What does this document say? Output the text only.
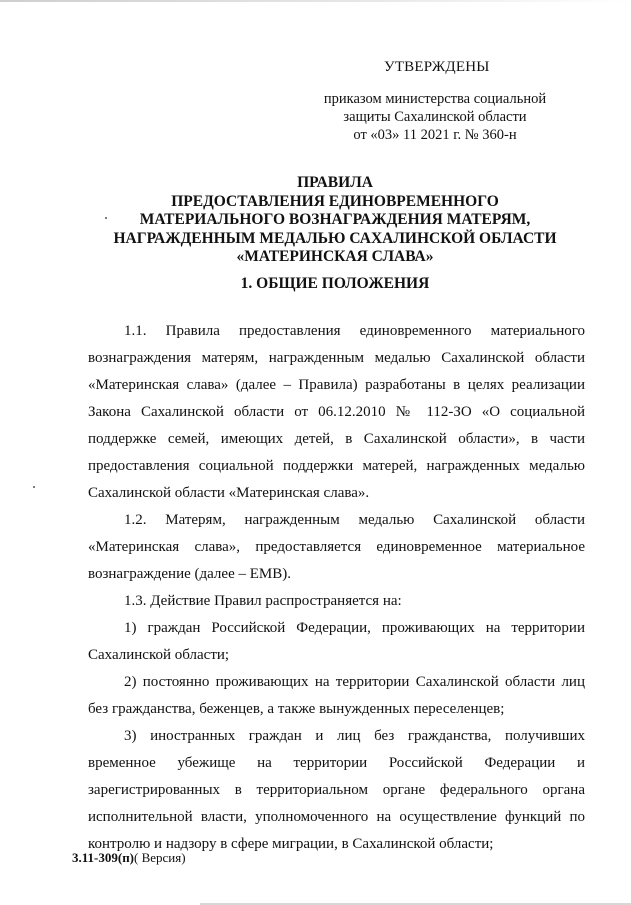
УТВЕРЖДЕНЫ
приказом министерства социальной
защиты Сахалинской области
от «03» 11 2021 г. № 360-н
ПРАВИЛА
ПРЕДОСТАВЛЕНИЯ ЕДИНОВРЕМЕННОГО
МАТЕРИАЛЬНОГО ВОЗНАГРАЖДЕНИЯ МАТЕРЯМ,
НАГРАЖДЕННЫМ МЕДАЛЬЮ САХАЛИНСКОЙ ОБЛАСТИ
«МАТЕРИНСКАЯ СЛАВА»
1. ОБЩИЕ ПОЛОЖЕНИЯ
1.1. Правила предоставления единовременного материального
вознаграждения матерям, награжденным медалью Сахалинской области
«Материнская слава» (далее – Правила) разработаны в целях реализации
Закона Сахалинской области от 06.12.2010 № 112-ЗО «О социальной
поддержке семей, имеющих детей, в Сахалинской области», в части
предоставления социальной поддержки матерей, награжденных медалью
Сахалинской области «Материнская слава».
1.2. Матерям, награжденным медалью Сахалинской области
«Материнская слава», предоставляется единовременное материальное
вознаграждение (далее – ЕМВ).
1.3. Действие Правил распространяется на:
1) граждан Российской Федерации, проживающих на территории
Сахалинской области;
2) постоянно проживающих на территории Сахалинской области лиц
без гражданства, беженцев, а также вынужденных переселенцев;
3) иностранных граждан и лиц без гражданства, получивших
временное убежище на территории Российской Федерации и
зарегистрированных в территориальном органе федерального органа
исполнительной власти, уполномоченного на осуществление функций по
контролю и надзору в сфере миграции, в Сахалинской области;
3.11-309(п)( Версия)
